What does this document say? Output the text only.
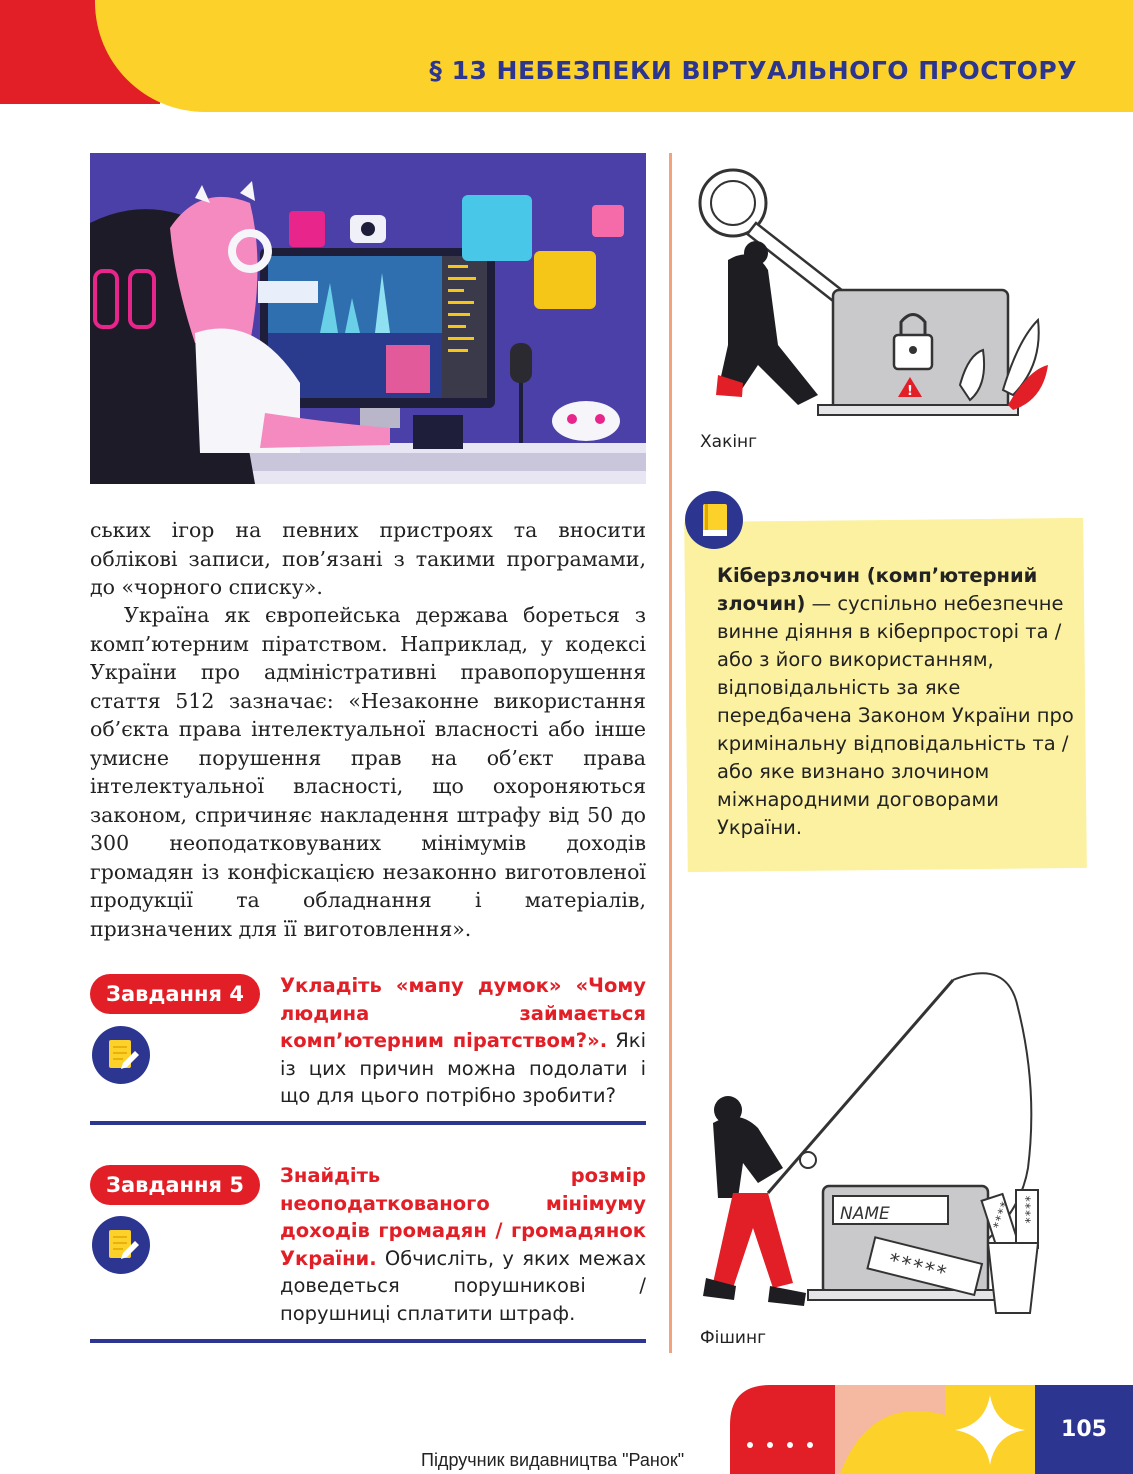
§ 13 НЕБЕЗПЕКИ ВІРТУАЛЬНОГО ПРОСТОРУ

ських ігор на певних пристроях та вносити облікові записи, пов’язані з такими програмами, до «чорного списку».

Україна як європейська держава бореться з комп’ютерним піратством. Наприклад, у кодексі України про адміністративні правопорушення стаття 512 зазначає: «Незаконне використання об’єкта права інтелектуальної власності або інше умисне порушення прав на об’єкт права інтелектуальної власності, що охороняються законом, спричиняє накладення штрафу від 50 до 300 неоподатковуваних мінімумів доходів громадян із конфіскацією незаконно виготовленої продукції та обладнання і матеріалів, призначених для її виготовлення».

Завдання 4	Укладіть «мапу думок» «Чому людина займається комп’ютерним піратством?». Які із цих причин можна подолати і що для цього потрібно зробити?
Завдання 5	Знайдіть розмір неоподаткованого мінімуму доходів громадян / громадянок України. Обчисліть, у яких межах доведеться порушникові / порушниці сплатити штраф.
!
Хакінг
Кіберзлочин (комп’ютерний злочин) — суспільно небезпечне винне діяння в кіберпросторі та / або з його використанням, відповідальність за яке передбачена Законом України про кримінальну відповідальність та / або яке визнано злочином міжнародними договорами України.
NAME
*****
**** ****
Фішинг
Підручник видавництва "Ранок"
105
